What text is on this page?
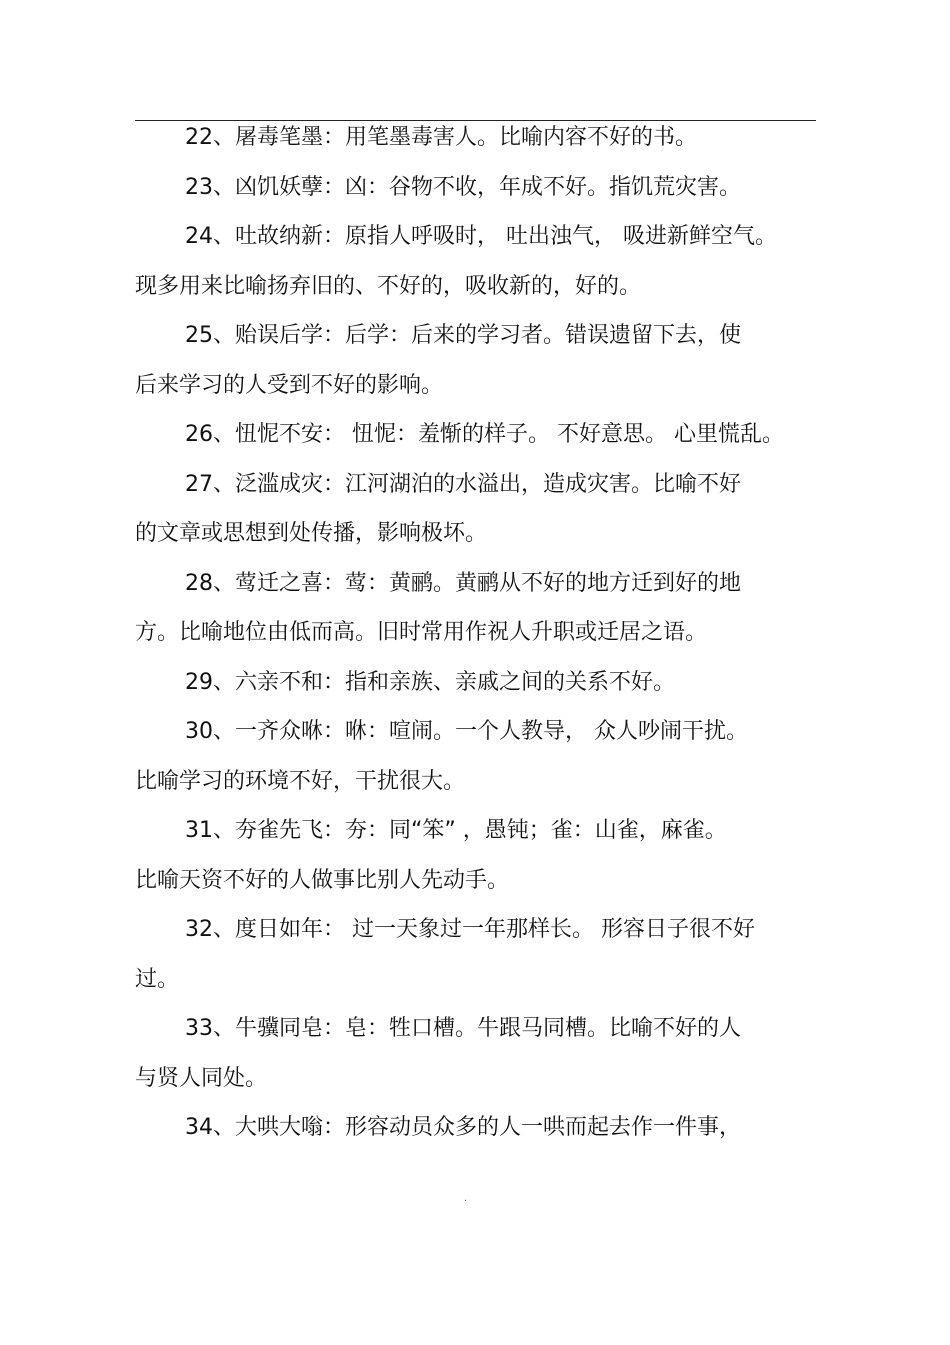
22、屠毒笔墨：用笔墨毒害人。比喻内容不好的书。

23、凶饥妖孽：凶：谷物不收，年成不好。指饥荒灾害。

24、吐故纳新：原指人呼吸时， 吐出浊气， 吸进新鲜空气。
现多用来比喻扬弃旧的、不好的，吸收新的，好的。

25、贻误后学：后学：后来的学习者。错误遗留下去，使
后来学习的人受到不好的影响。

26、忸怩不安： 忸怩：羞惭的样子。 不好意思。 心里慌乱。

27、泛滥成灾：江河湖泊的水溢出，造成灾害。比喻不好
的文章或思想到处传播，影响极坏。

28、莺迁之喜：莺：黄鹂。黄鹂从不好的地方迁到好的地
方。比喻地位由低而高。旧时常用作祝人升职或迁居之语。

29、六亲不和：指和亲族、亲戚之间的关系不好。

30、一齐众咻：咻：喧闹。一个人教导， 众人吵闹干扰。
比喻学习的环境不好，干扰很大。

31、夯雀先飞：夯：同“笨” ，愚钝；雀：山雀，麻雀。
比喻天资不好的人做事比别人先动手。

32、度日如年： 过一天象过一年那样长。 形容日子很不好
过。

33、牛骥同皂：皂：牲口槽。牛跟马同槽。比喻不好的人
与贤人同处。

34、大哄大嗡：形容动员众多的人一哄而起去作一件事，

.
